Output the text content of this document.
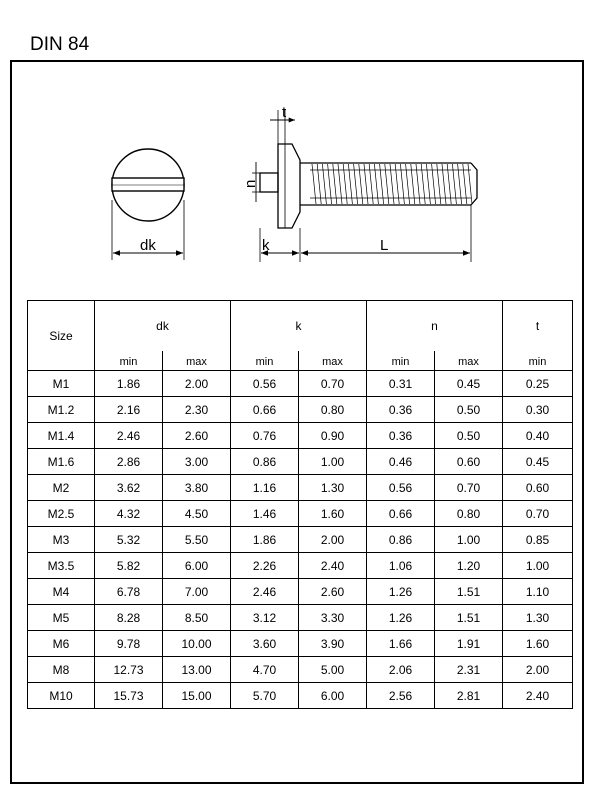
DIN 84
dk
t
n
k	L
Size	dk		k		n		t
	min	max	min	max	min	max	min
M1	1.86	2.00	0.56	0.70	0.31	0.45	0.25
M1.2	2.16	2.30	0.66	0.80	0.36	0.50	0.30
M1.4	2.46	2.60	0.76	0.90	0.36	0.50	0.40
M1.6	2.86	3.00	0.86	1.00	0.46	0.60	0.45
M2	3.62	3.80	1.16	1.30	0.56	0.70	0.60
M2.5	4.32	4.50	1.46	1.60	0.66	0.80	0.70
M3	5.32	5.50	1.86	2.00	0.86	1.00	0.85
M3.5	5.82	6.00	2.26	2.40	1.06	1.20	1.00
M4	6.78	7.00	2.46	2.60	1.26	1.51	1.10
M5	8.28	8.50	3.12	3.30	1.26	1.51	1.30
M6	9.78	10.00	3.60	3.90	1.66	1.91	1.60
M8	12.73	13.00	4.70	5.00	2.06	2.31	2.00
M10	15.73	15.00	5.70	6.00	2.56	2.81	2.40
